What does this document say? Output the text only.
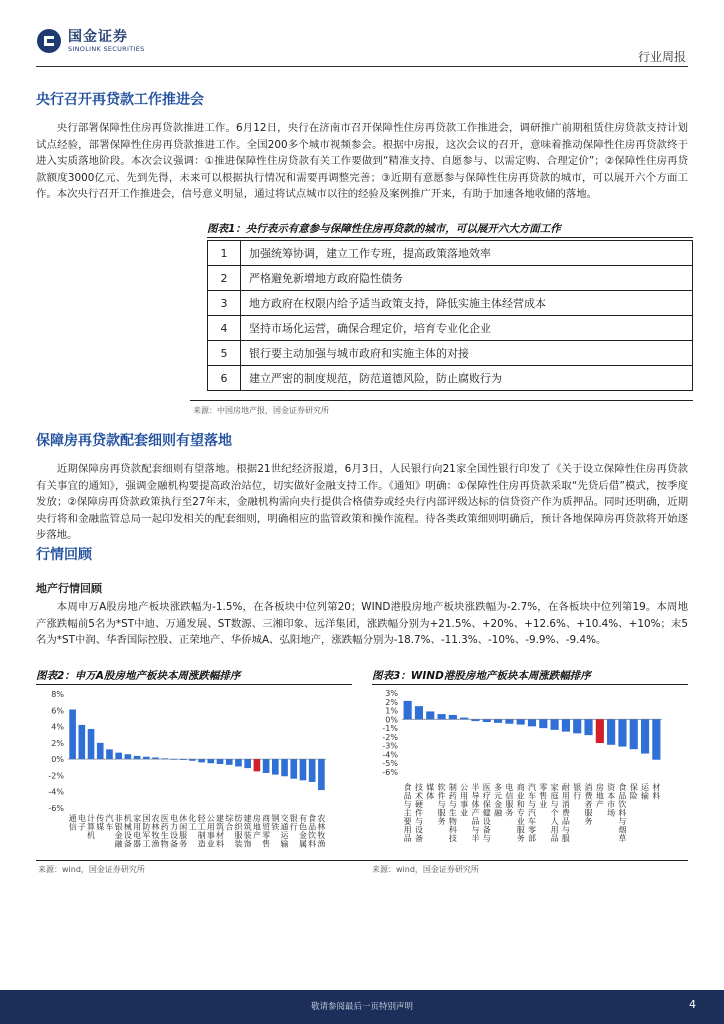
国金证券
SINOLINK SECURITIES
行业周报
央行召开再贷款工作推进会
央行部署保障性住房再贷款推进工作。6月12日，央行在济南市召开保障性住房再贷款工作推进会，调研推广前期租赁住房贷款支持计划试点经验，部署保障性住房再贷款推进工作。全国200多个城市视频参会。根据中房报，这次会议的召开，意味着推动保障性住房再贷款终于进入实质落地阶段。本次会议强调：①推进保障性住房贷款有关工作要做到“精准支持、自愿参与、以需定购、合理定价”；②保障性住房再贷款额度3000亿元、先到先得，未来可以根据执行情况和需要再调整完善；③近期有意愿参与保障性住房再贷款的城市，可以展开六个方面工作。本次央行召开工作推进会，信号意义明显，通过将试点城市以往的经验及案例推广开来，有助于加速各地收储的落地。
图表1：央行表示有意参与保障性住房再贷款的城市，可以展开六大方面工作
1	加强统筹协调，建立工作专班，提高政策落地效率
2	严格避免新增地方政府隐性债务
3	地方政府在权限内给予适当政策支持，降低实施主体经营成本
4	坚持市场化运营，确保合理定价，培育专业化企业
5	银行要主动加强与城市政府和实施主体的对接
6	建立严密的制度规范，防范道德风险，防止腐败行为
来源：中国房地产报，国金证券研究所
保障房再贷款配套细则有望落地
近期保障房再贷款配套细则有望落地。根据21世纪经济报道，6月3日，人民银行向21家全国性银行印发了《关于设立保障性住房再贷款有关事宜的通知》，强调金融机构要提高政治站位，切实做好金融支持工作。《通知》明确：①保障性住房再贷款采取“先贷后借”模式，按季度发放；②保障房再贷款政策执行至27年末，金融机构需向央行提供合格债券或经央行内部评级达标的信贷资产作为质押品。同时还明确，近期央行将和金融监管总局一起印发相关的配套细则，明确相应的监管政策和操作流程。待各类政策细则明确后，预计各地保障房再贷款将开始逐步落地。
行情回顾
地产行情回顾
本周申万A股房地产板块涨跌幅为-1.5%，在各板块中位列第20；WIND港股房地产板块涨跌幅为-2.7%，在各板块中位列第19。本周地产涨跌幅前5名为*ST中迪、万通发展、ST数源、三湘印象、远洋集团，涨跌幅分别为+21.5%、+20%、+12.6%、+10.4%、+10%；末5名为*ST中润、华香国际控股、正荣地产、华侨城A、弘阳地产，涨跌幅分别为-18.7%、-11.3%、-10%、-9.9%、-9.4%。
图表2：申万A股房地产板块本周涨跌幅排序	图表3：WIND港股房地产板块本周涨跌幅排序
8%
6%
4%
2%
0%
-2%
-4%
-6%
通
信
电
子
计
算
机
传
媒
汽
车
非
银
金
融
机
械
设
备
家
用
电
器
国
防
军
工
农
林
牧
渔
医
药
生
物
电
力
设
备
休
闲
服
务
化
工
轻
工
制
造
公
用
事
业
建
筑
材
料
综
合
纺
织
服
装
建
筑
装
饰
房
地
产
商
贸
零
售
钢
铁
交
通
运
输
银
行
有
色
金
属
食
品
饮
料
农
林
牧
渔
3%
2%
1%
0%
-1%
-2%
-3%
-4%
-5%
-6%
食
品
与
主
要
用
品
技
术
硬
件
与
设
备
媒
体
软
件
与
服
务
制
药
与
生
物
科
技
公
用
事
业
半
导
体
产
品
与
半
医
疗
保
健
设
备
与
多
元
金
融
电
信
服
务
商
业
和
专
业
服
务
汽
车
与
汽
车
零
部
零
售
业
家
庭
与
个
人
用
品
耐
用
消
费
品
与
服
银
行
消
费
者
服
务
房
地
产
资
本
市
场
食
品
饮
料
与
烟
草
保
险
运
输
材
料
来源：wind，国金证券研究所	来源：wind，国金证券研究所
敬请参阅最后一页特别声明	4
